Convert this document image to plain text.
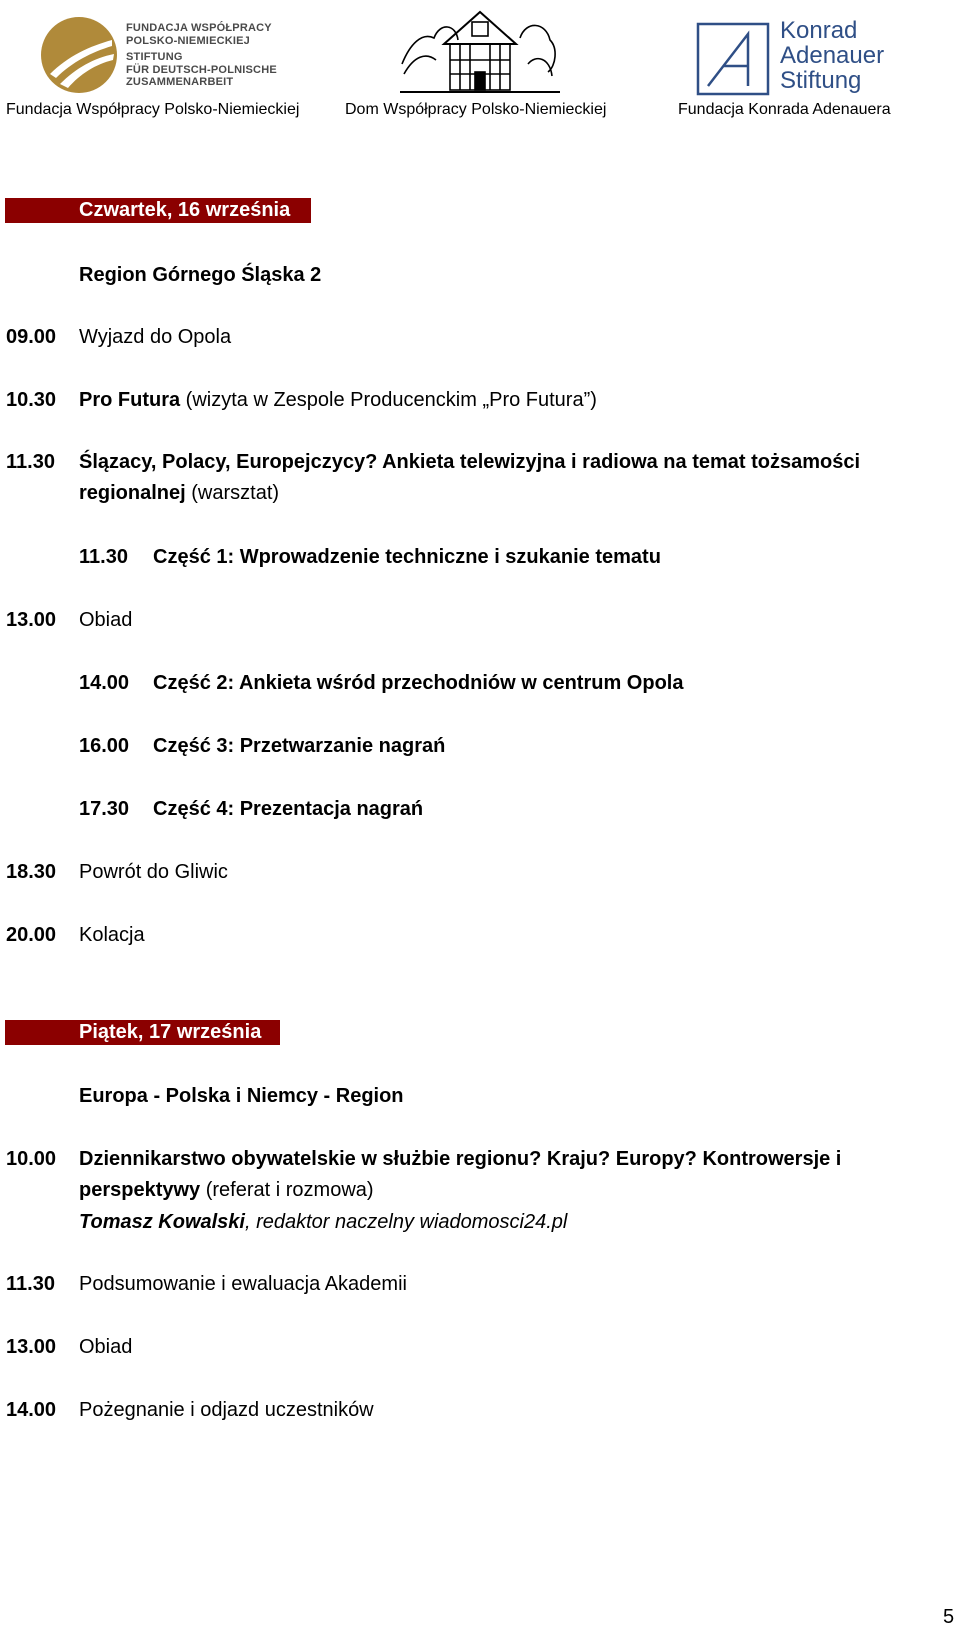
FUNDACJA WSPÓŁPRACY
POLSKO-NIEMIECKIEJ
STIFTUNG
FÜR DEUTSCH-POLNISCHE
ZUSAMMENARBEIT
Konrad
Adenauer
Stiftung
Fundacja Współpracy Polsko-Niemieckiej	Dom Współpracy Polsko-Niemieckiej	Fundacja Konrada Adenauera
Czwartek, 16 września
Region Górnego Śląska 2
09.00 Wyjazd do Opola
10.30 Pro Futura (wizyta w Zespole Producenckim „Pro Futura”)
11.30 Ślązacy, Polacy, Europejczycy? Ankieta telewizyjna i radiowa na temat tożsamości
regionalnej (warsztat)
11.30 Część 1: Wprowadzenie techniczne i szukanie tematu
13.00 Obiad
14.00 Część 2: Ankieta wśród przechodniów w centrum Opola
16.00 Część 3: Przetwarzanie nagrań
17.30 Część 4: Prezentacja nagrań
18.30 Powrót do Gliwic
20.00 Kolacja
Piątek, 17 września
Europa - Polska i Niemcy - Region
10.00 Dziennikarstwo obywatelskie w służbie regionu? Kraju? Europy? Kontrowersje i
perspektywy (referat i rozmowa)
Tomasz Kowalski, redaktor naczelny wiadomosci24.pl
11.30 Podsumowanie i ewaluacja Akademii
13.00 Obiad
14.00 Pożegnanie i odjazd uczestników
5
